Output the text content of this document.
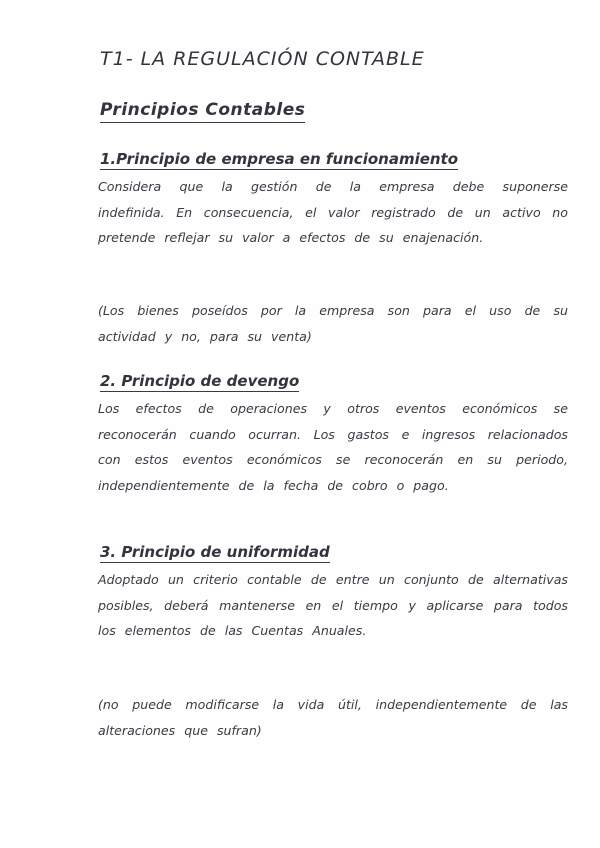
T1- LA REGULACIÓN CONTABLE
Principios Contables
1.Principio de empresa en funcionamiento

Considera que la gestión de la empresa debe suponerse indefinida. En consecuencia, el valor registrado de un activo no pretende reflejar su valor a efectos de su enajenación.

(Los bienes poseídos por la empresa son para el uso de su actividad y no, para su venta)

2. Principio de devengo

Los efectos de operaciones y otros eventos económicos se reconocerán cuando ocurran. Los gastos e ingresos relacionados con estos eventos económicos se reconocerán en su periodo, independientemente de la fecha de cobro o pago.

3. Principio de uniformidad

Adoptado un criterio contable de entre un conjunto de alternativas posibles, deberá mantenerse en el tiempo y aplicarse para todos los elementos de las Cuentas Anuales.

(no puede modificarse la vida útil, independientemente de las alteraciones que sufran)
